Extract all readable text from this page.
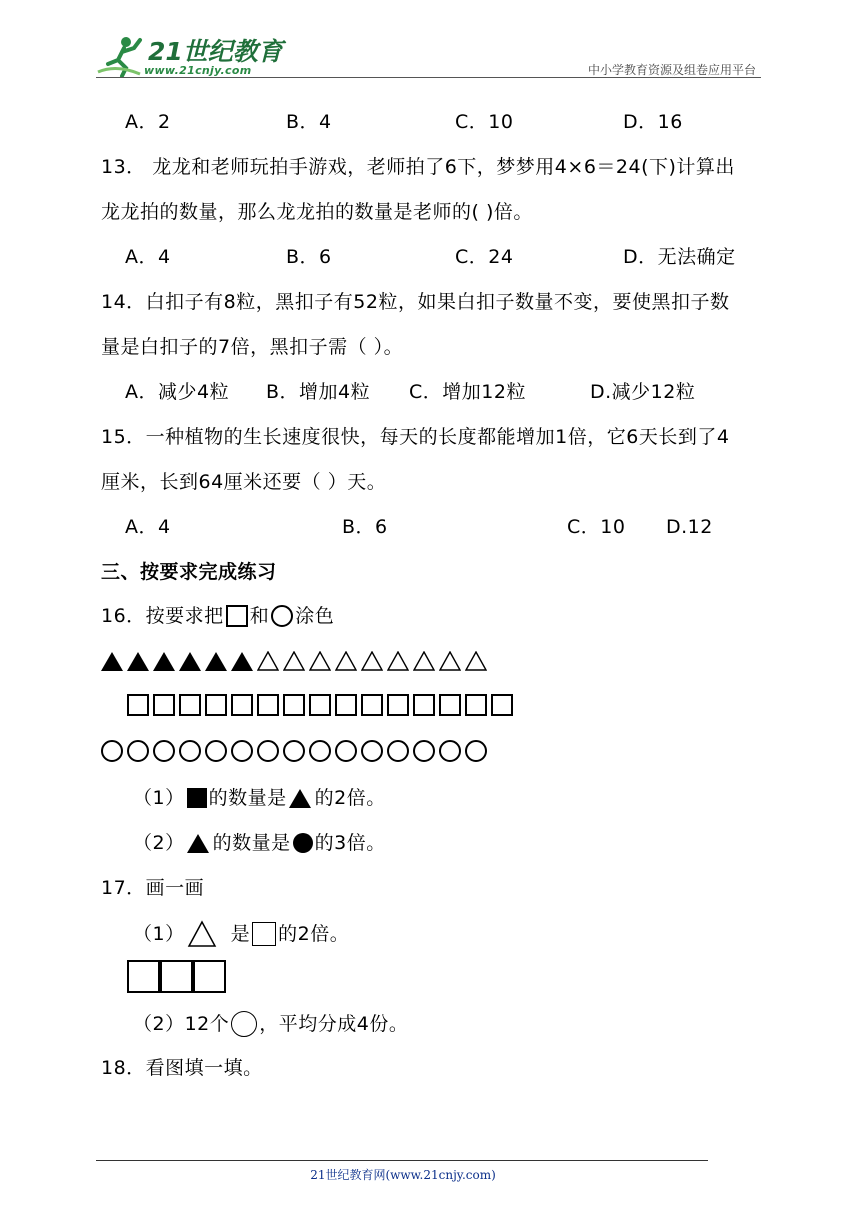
21世纪教育
www.21cnjy.com	中小学教育资源及组卷应用平台
A．2	B．4	C．10	D．16
13． 龙龙和老师玩拍手游戏，老师拍了6下，梦梦用4×6＝24(下)计算出
龙龙拍的数量，那么龙龙拍的数量是老师的( )倍。
A．4	B．6	C．24	D．无法确定
14．白扣子有8粒，黑扣子有52粒，如果白扣子数量不变，要使黑扣子数
量是白扣子的7倍，黑扣子需（ ）。
A．减少4粒 B．增加4粒 C．增加12粒	D.减少12粒
15．一种植物的生长速度很快，每天的长度都能增加1倍，它6天长到了4
厘米，长到64厘米还要（ ）天。
A．4	B．6	C．10 D.12
三、按要求完成练习
16．按要求把 和 涂色
（1） 的数量是 的2倍。
（2） 的数量是 的3倍。
17．画一画
（1） 是 的2倍。
（2）12个 ，平均分成4份。
18．看图填一填。
21世纪教育网(www.21cnjy.com)
